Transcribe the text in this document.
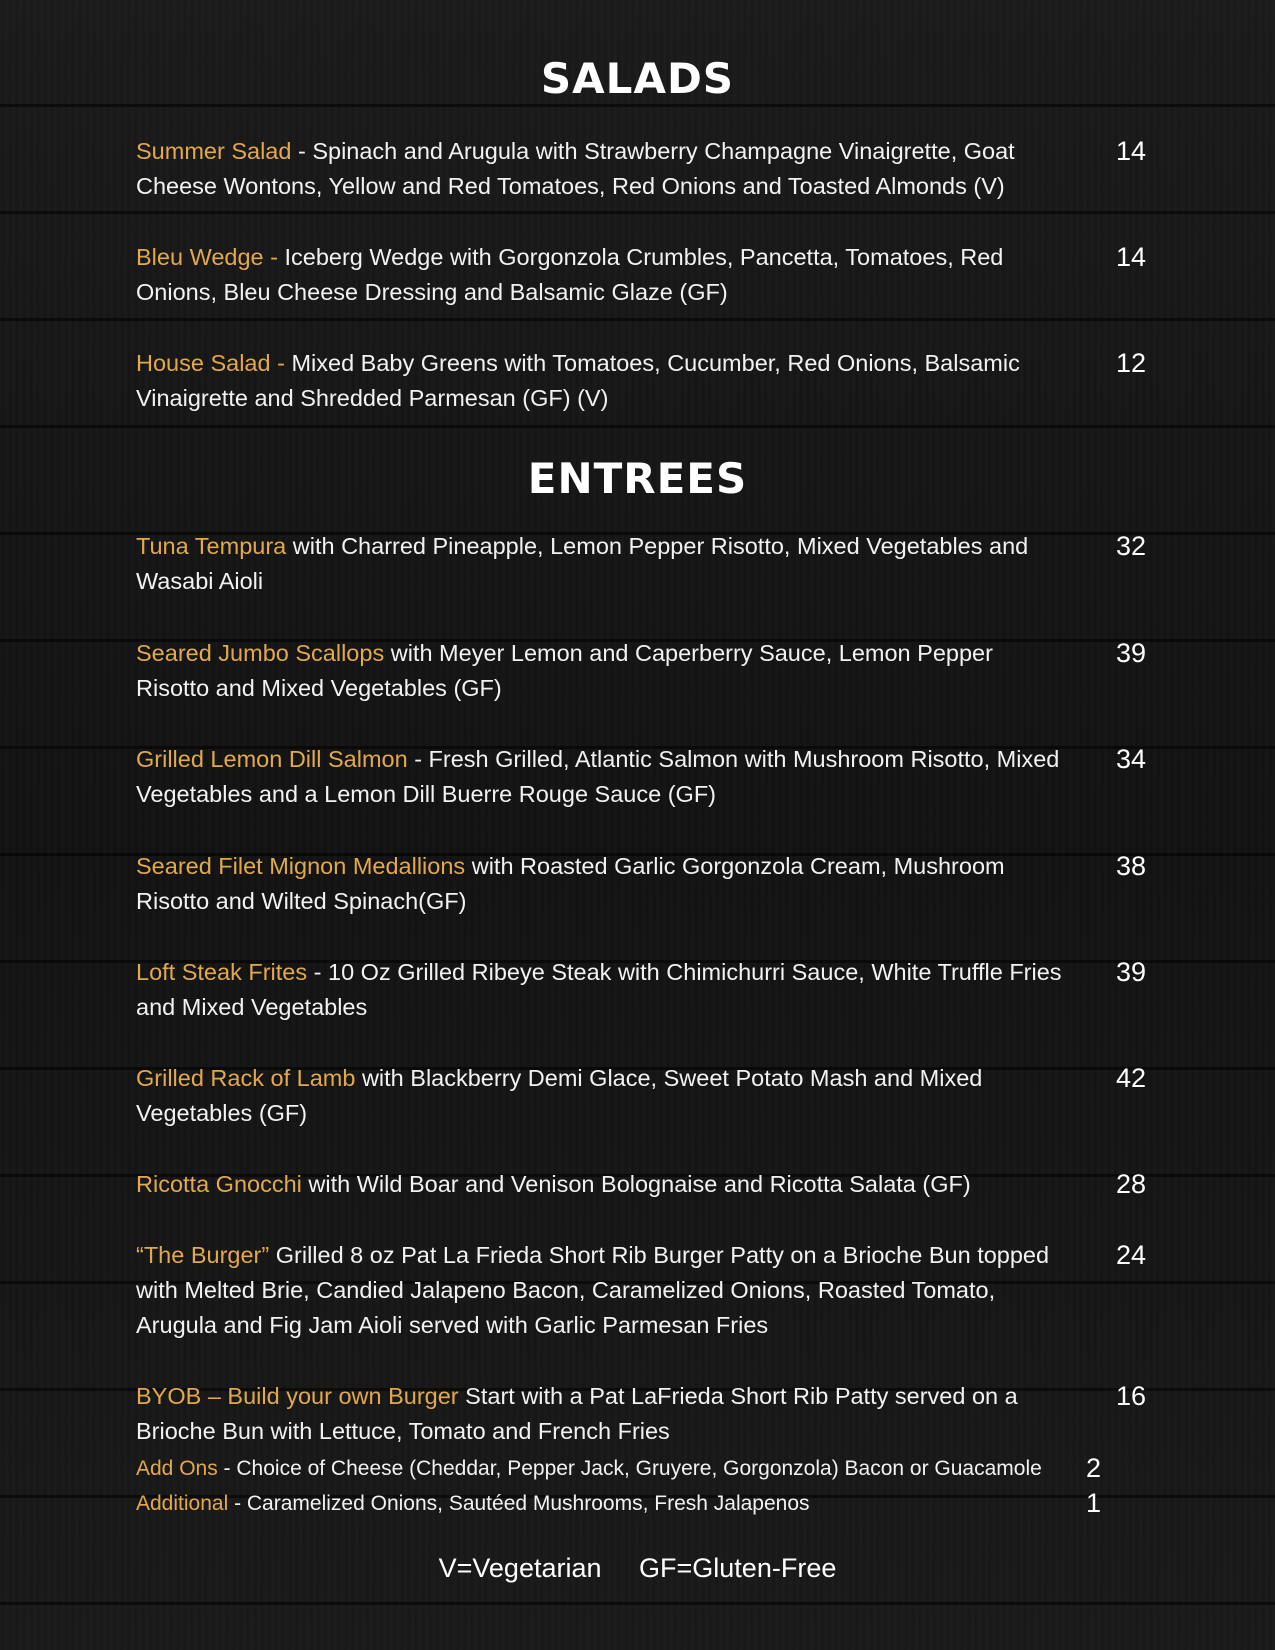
SALADS
Summer Salad - Spinach and Arugula with Strawberry Champagne Vinaigrette, Goat Cheese Wontons, Yellow and Red Tomatoes, Red Onions and Toasted Almonds (V)
14
Bleu Wedge - Iceberg Wedge with Gorgonzola Crumbles, Pancetta, Tomatoes, Red Onions, Bleu Cheese Dressing and Balsamic Glaze (GF)
14
House Salad - Mixed Baby Greens with Tomatoes, Cucumber, Red Onions, Balsamic Vinaigrette and Shredded Parmesan (GF) (V)
12
ENTREES
Tuna Tempura with Charred Pineapple, Lemon Pepper Risotto, Mixed Vegetables and Wasabi Aioli
32
Seared Jumbo Scallops with Meyer Lemon and Caperberry Sauce, Lemon Pepper Risotto and Mixed Vegetables (GF)
39
Grilled Lemon Dill Salmon - Fresh Grilled, Atlantic Salmon with Mushroom Risotto, Mixed Vegetables and a Lemon Dill Buerre Rouge Sauce (GF)
34
Seared Filet Mignon Medallions with Roasted Garlic Gorgonzola Cream, Mushroom Risotto and Wilted Spinach(GF)
38
Loft Steak Frites - 10 Oz Grilled Ribeye Steak with Chimichurri Sauce, White Truffle Fries and Mixed Vegetables
39
Grilled Rack of Lamb with Blackberry Demi Glace, Sweet Potato Mash and Mixed Vegetables (GF)
42
Ricotta Gnocchi with Wild Boar and Venison Bolognaise and Ricotta Salata (GF)	28
“The Burger” Grilled 8 oz Pat La Frieda Short Rib Burger Patty on a Brioche Bun topped with Melted Brie, Candied Jalapeno Bacon, Caramelized Onions, Roasted Tomato, Arugula and Fig Jam Aioli served with Garlic Parmesan Fries
24
BYOB – Build your own Burger Start with a Pat LaFrieda Short Rib Patty served on a Brioche Bun with Lettuce, Tomato and French Fries
16
Add Ons - Choice of Cheese (Cheddar, Pepper Jack, Gruyere, Gorgonzola) Bacon or Guacamole	2
Additional - Caramelized Onions, Sautéed Mushrooms, Fresh Jalapenos	1
V=Vegetarian GF=Gluten-Free
